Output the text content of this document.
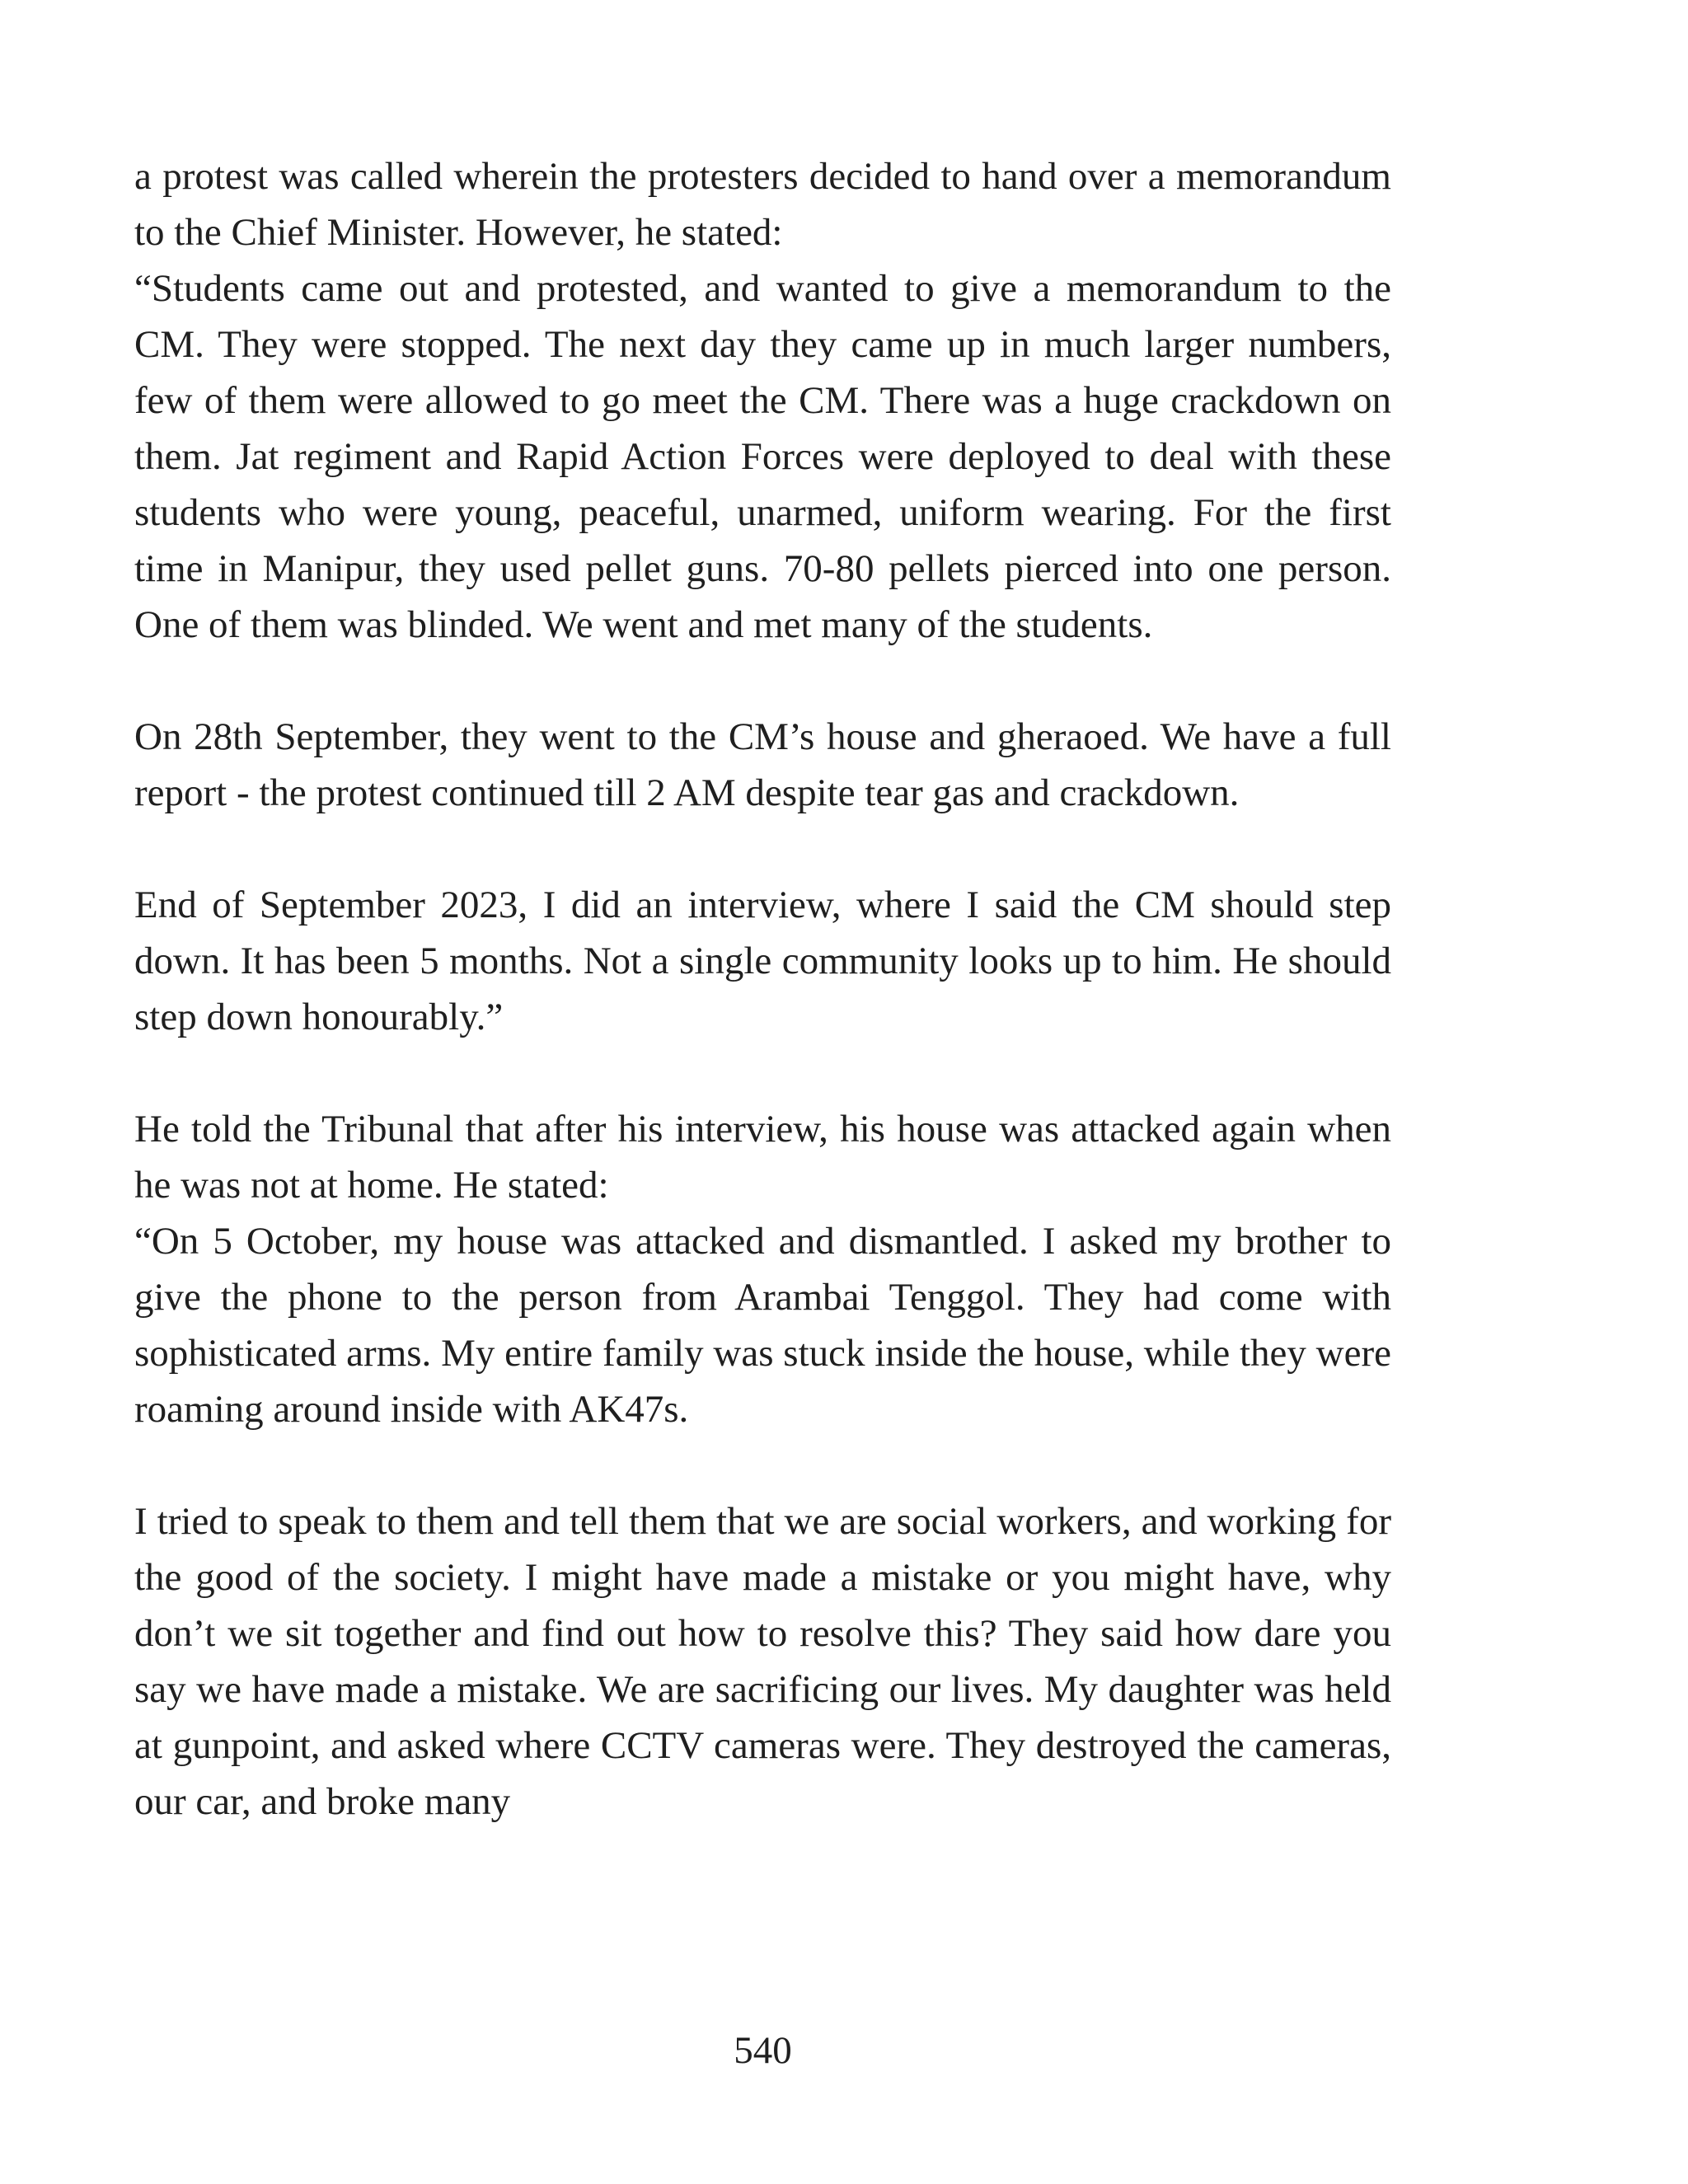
a protest was called wherein the protesters decided to hand over a memorandum to the Chief Minister. However, he stated:

“Students came out and protested, and wanted to give a memorandum to the CM. They were stopped. The next day they came up in much larger numbers, few of them were allowed to go meet the CM. There was a huge crackdown on them. Jat regiment and Rapid Action Forces were deployed to deal with these students who were young, peaceful, unarmed, uniform wearing. For the first time in Manipur, they used pellet guns. 70-80 pellets pierced into one person. One of them was blinded. We went and met many of the students.

On 28th September, they went to the CM’s house and gheraoed. We have a full report - the protest continued till 2 AM despite tear gas and crackdown.

End of September 2023, I did an interview, where I said the CM should step down. It has been 5 months. Not a single community looks up to him. He should step down honourably.”

He told the Tribunal that after his interview, his house was attacked again when he was not at home. He stated:

“On 5 October, my house was attacked and dismantled. I asked my brother to give the phone to the person from Arambai Tenggol. They had come with sophisticated arms. My entire family was stuck inside the house, while they were roaming around inside with AK47s.

I tried to speak to them and tell them that we are social workers, and working for the good of the society. I might have made a mistake or you might have, why don’t we sit together and find out how to resolve this? They said how dare you say we have made a mistake. We are sacrificing our lives. My daughter was held at gunpoint, and asked where CCTV cameras were. They destroyed the cameras, our car, and broke many

540
